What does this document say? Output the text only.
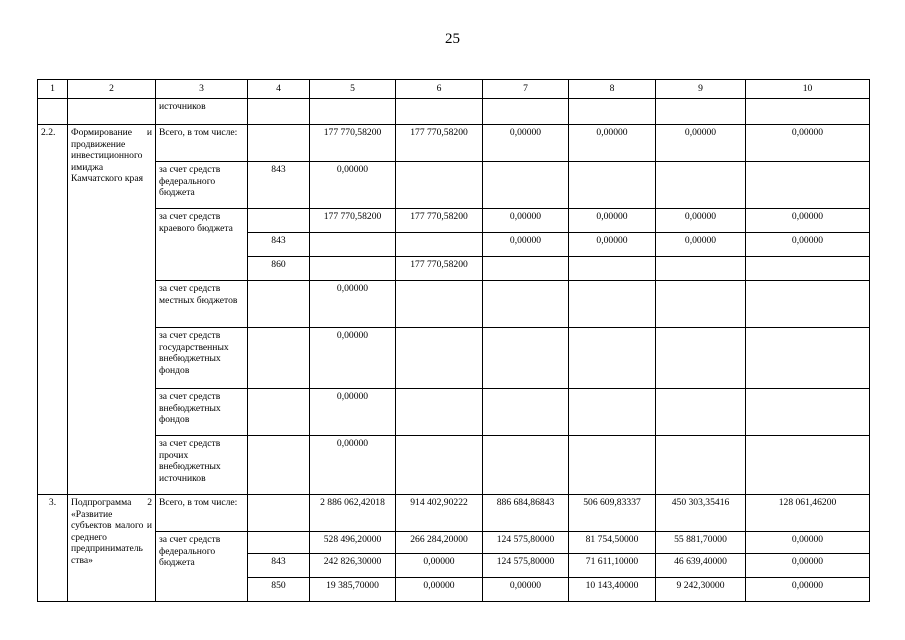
25
1	2	3	4	5	6	7	8	9	10
		источников							
2.2.	Формирование и продвижение инвестиционного имиджа Камчатского края	Всего, в том числе:		177 770,58200	177 770,58200	0,00000	0,00000	0,00000	0,00000
		за счет средств федерального бюджета	843	0,00000					
		за счет средств краевого бюджета		177 770,58200	177 770,58200	0,00000	0,00000	0,00000	0,00000
			843			0,00000	0,00000	0,00000	0,00000
			860		177 770,58200				
		за счет средств местных бюджетов		0,00000					
		за счет средств государственных внебюджетных фондов		0,00000					
		за счет средств внебюджетных фондов		0,00000					
		за счет средств прочих внебюджетных источников		0,00000					
3.	Подпрограмма 2 «Развитие субъектов малого и среднего предприниматель ства»	Всего, в том числе:		2 886 062,42018	914 402,90222	886 684,86843	506 609,83337	450 303,35416	128 061,46200
		за счет средств федерального бюджета		528 496,20000	266 284,20000	124 575,80000	81 754,50000	55 881,70000	0,00000
			843	242 826,30000	0,00000	124 575,80000	71 611,10000	46 639,40000	0,00000
			850	19 385,70000	0,00000	0,00000	10 143,40000	9 242,30000	0,00000
